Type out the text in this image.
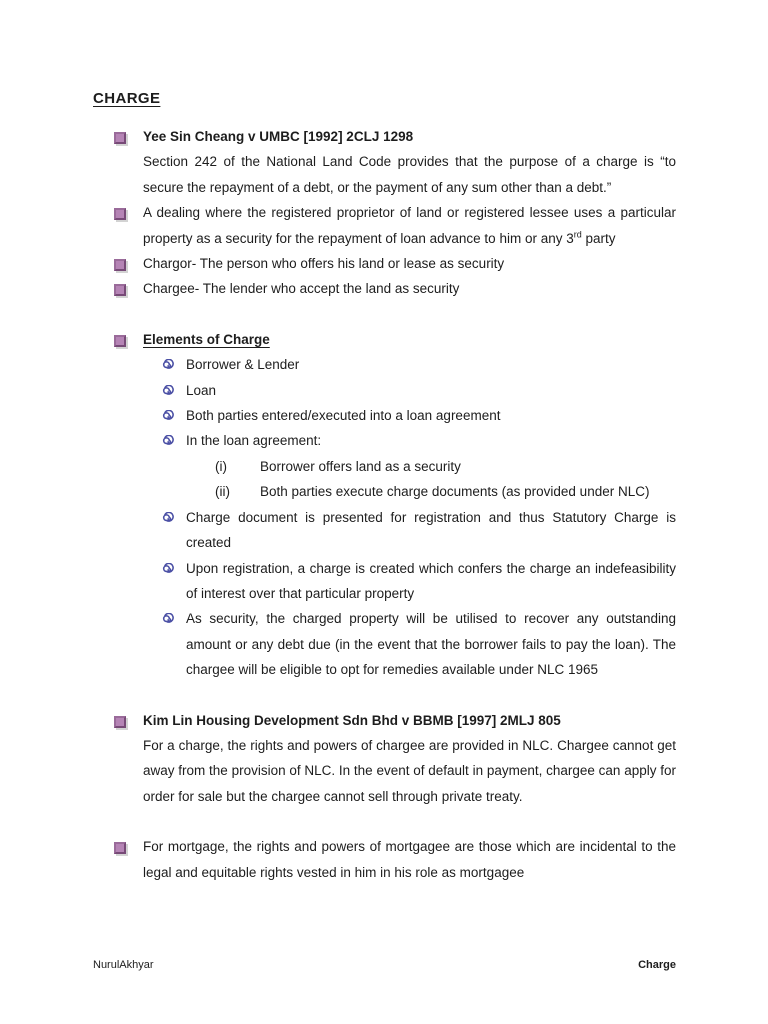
CHARGE
Yee Sin Cheang v UMBC [1992] 2CLJ 1298

Section 242 of the National Land Code provides that the purpose of a charge is “to secure the repayment of a debt, or the payment of any sum other than a debt.”

A dealing where the registered proprietor of land or registered lessee uses a particular property as a security for the repayment of loan advance to him or any 3rd party
Chargor- The person who offers his land or lease as security
Chargee- The lender who accept the land as security
Elements of Charge
Borrower & Lender
Loan
Both parties entered/executed into a loan agreement
In the loan agreement:
(i) Borrower offers land as a security
(ii) Both parties execute charge documents (as provided under NLC)
Charge document is presented for registration and thus Statutory Charge is created
Upon registration, a charge is created which confers the charge an indefeasibility of interest over that particular property
As security, the charged property will be utilised to recover any outstanding amount or any debt due (in the event that the borrower fails to pay the loan). The chargee will be eligible to opt for remedies available under NLC 1965
Kim Lin Housing Development Sdn Bhd v BBMB [1997] 2MLJ 805

For a charge, the rights and powers of chargee are provided in NLC. Chargee cannot get away from the provision of NLC. In the event of default in payment, chargee can apply for order for sale but the chargee cannot sell through private treaty.

For mortgage, the rights and powers of mortgagee are those which are incidental to the legal and equitable rights vested in him in his role as mortgagee
NurulAkhyar	Charge
